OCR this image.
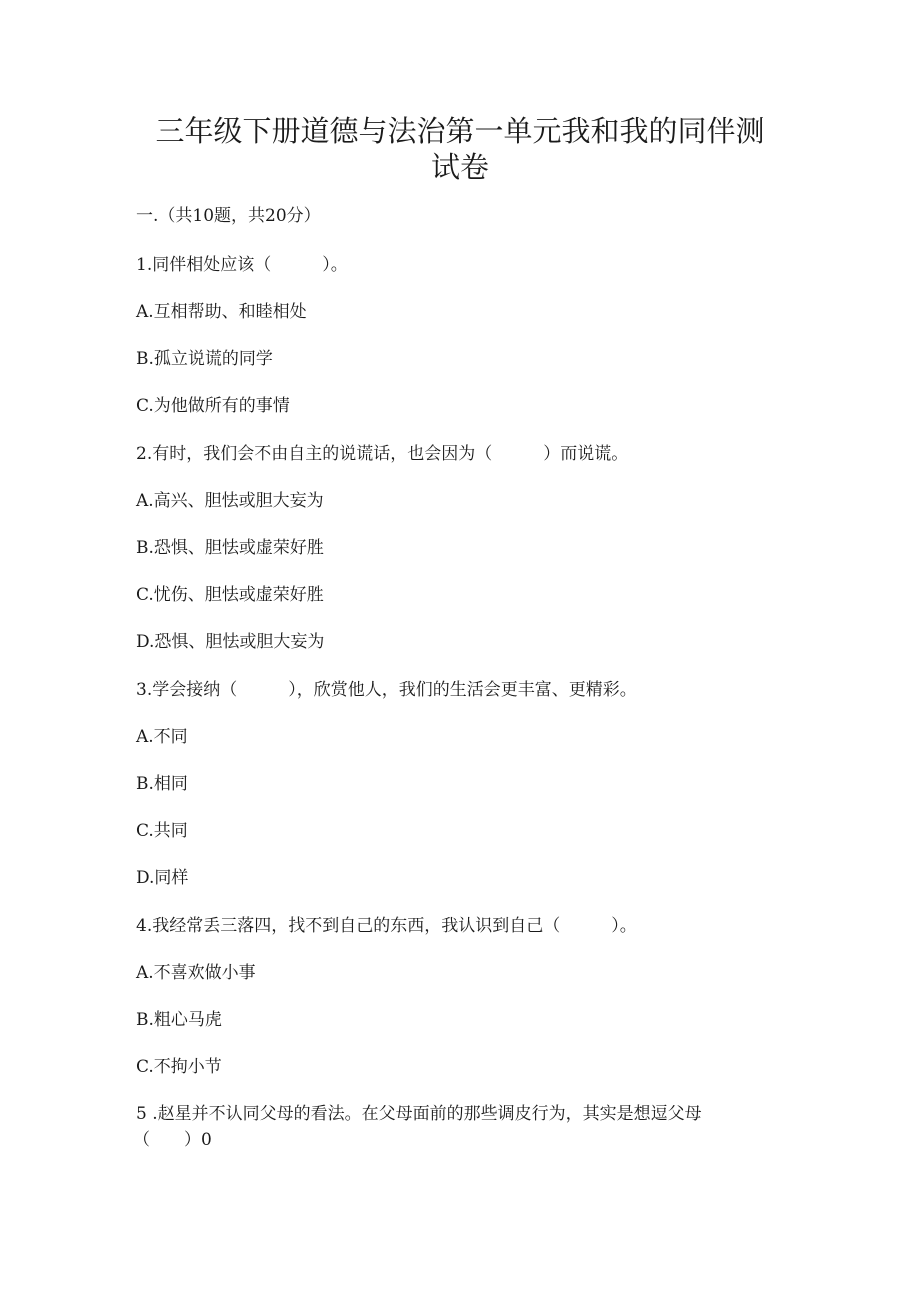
三年级下册道德与法治第一单元我和我的同伴测
试卷
一.（共10题，共20分）
1.同伴相处应该（　　　）。
A.互相帮助、和睦相处
B.孤立说谎的同学
C.为他做所有的事情
2.有时，我们会不由自主的说谎话，也会因为（　　　）而说谎。
A.高兴、胆怯或胆大妄为
B.恐惧、胆怯或虚荣好胜
C.忧伤、胆怯或虚荣好胜
D.恐惧、胆怯或胆大妄为
3.学会接纳（　　　），欣赏他人，我们的生活会更丰富、更精彩。
A.不同
B.相同
C.共同
D.同样
4.我经常丢三落四，找不到自己的东西，我认识到自己（　　　）。
A.不喜欢做小事
B.粗心马虎
C.不拘小节
5 .赵星并不认同父母的看法。在父母面前的那些调皮行为，其实是想逗父母
（　　）0
